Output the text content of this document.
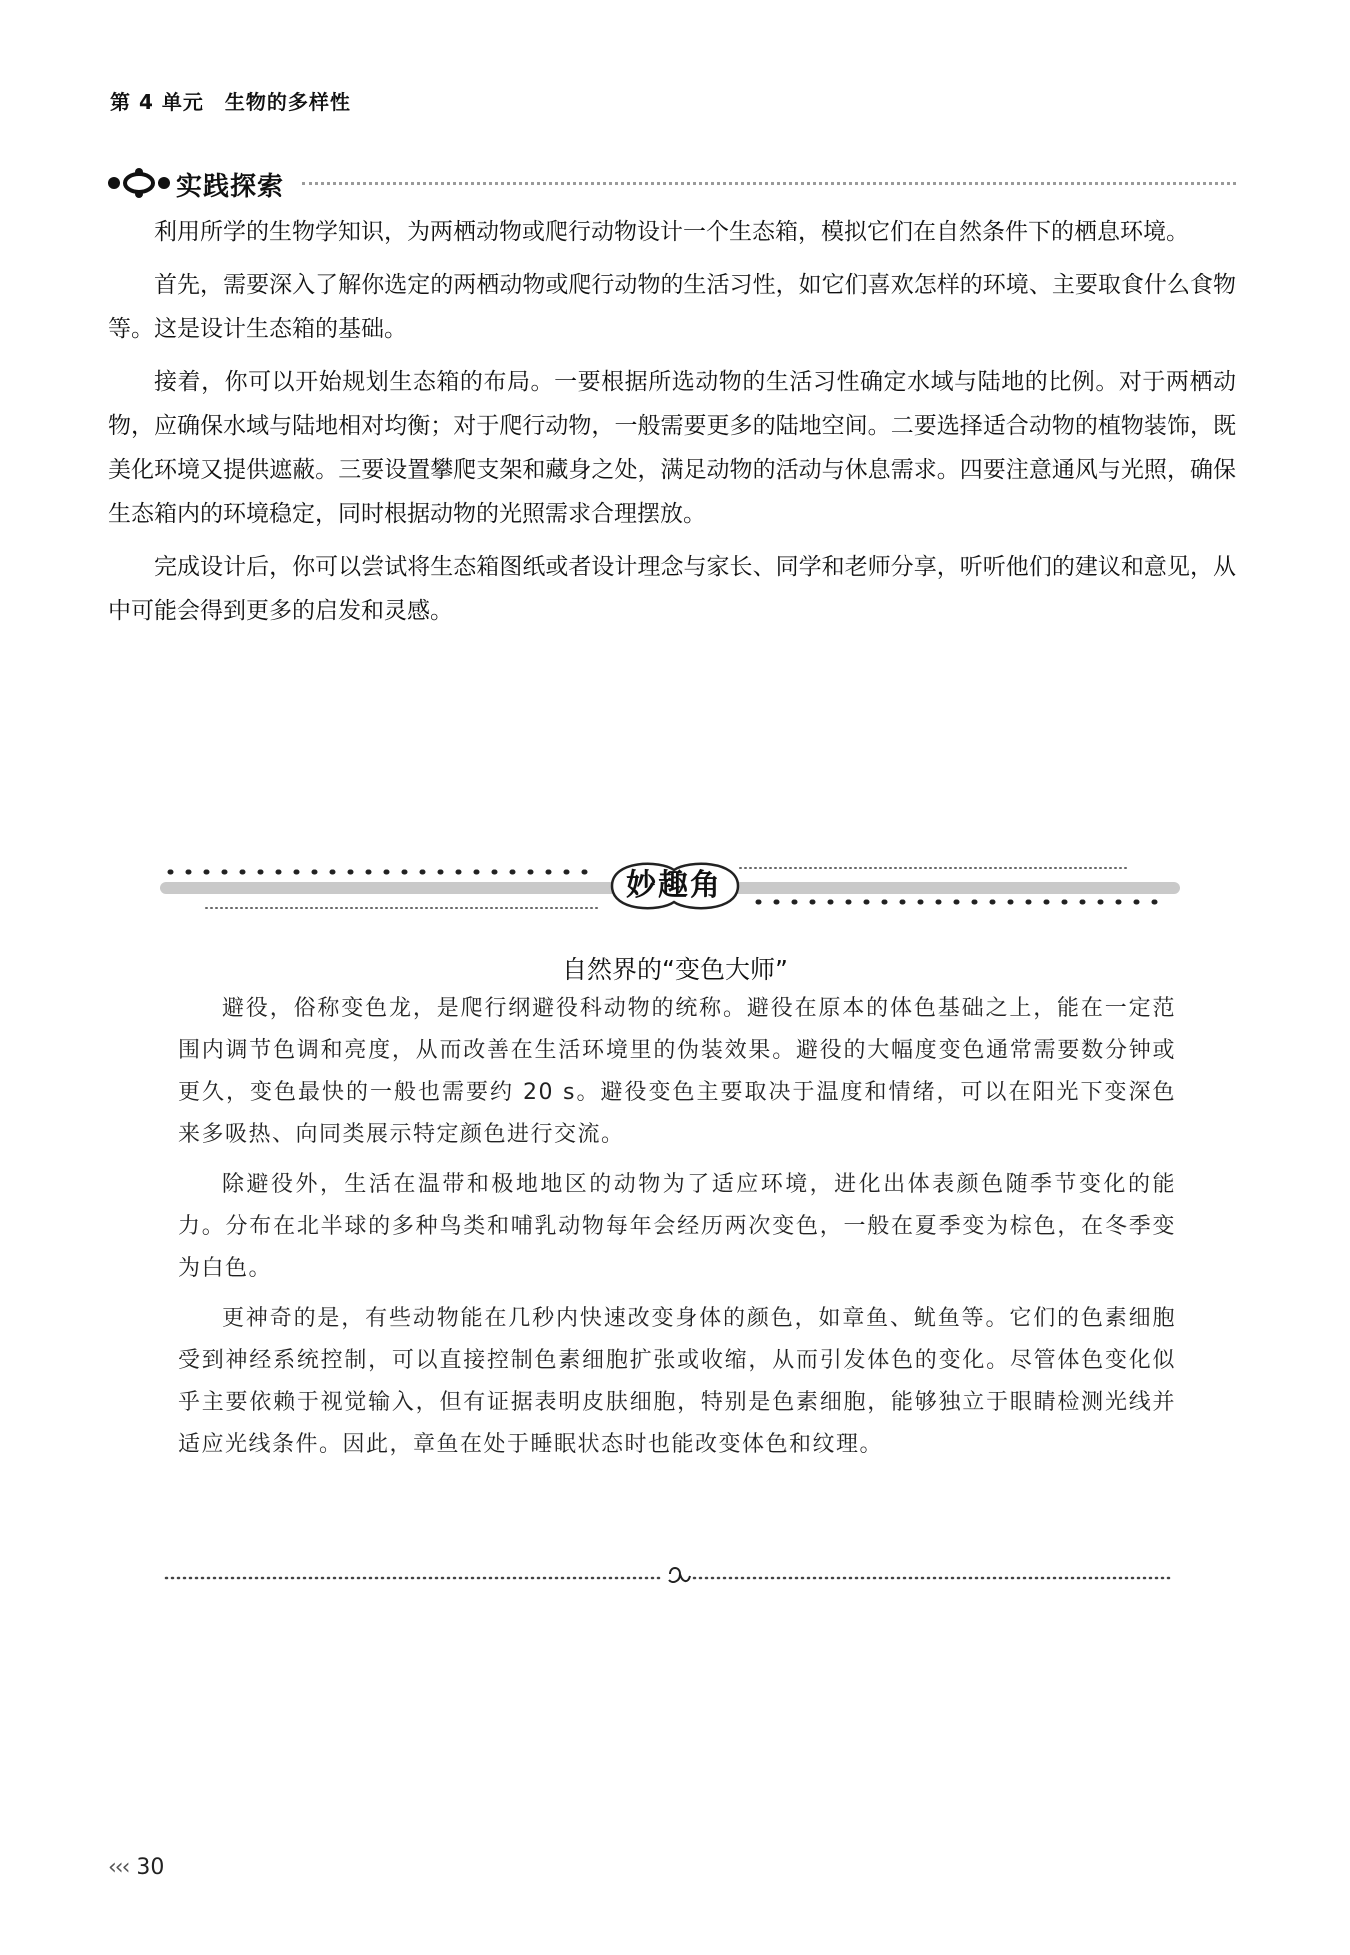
第 4 单元　生物的多样性
实践探索

利用所学的生物学知识，为两栖动物或爬行动物设计一个生态箱，模拟它们在自然条件下的栖息环境。

首先，需要深入了解你选定的两栖动物或爬行动物的生活习性，如它们喜欢怎样的环境、主要取食什么食物等。这是设计生态箱的基础。

接着，你可以开始规划生态箱的布局。一要根据所选动物的生活习性确定水域与陆地的比例。对于两栖动物，应确保水域与陆地相对均衡；对于爬行动物，一般需要更多的陆地空间。二要选择适合动物的植物装饰，既美化环境又提供遮蔽。三要设置攀爬支架和藏身之处，满足动物的活动与休息需求。四要注意通风与光照，确保生态箱内的环境稳定，同时根据动物的光照需求合理摆放。

完成设计后，你可以尝试将生态箱图纸或者设计理念与家长、同学和老师分享，听听他们的建议和意见，从中可能会得到更多的启发和灵感。

妙趣角
自然界的“变色大师”

避役，俗称变色龙，是爬行纲避役科动物的统称。避役在原本的体色基础之上，能在一定范围内调节色调和亮度，从而改善在生活环境里的伪装效果。避役的大幅度变色通常需要数分钟或更久，变色最快的一般也需要约 20 s。避役变色主要取决于温度和情绪，可以在阳光下变深色来多吸热、向同类展示特定颜色进行交流。

除避役外，生活在温带和极地地区的动物为了适应环境，进化出体表颜色随季节变化的能力。分布在北半球的多种鸟类和哺乳动物每年会经历两次变色，一般在夏季变为棕色，在冬季变为白色。

更神奇的是，有些动物能在几秒内快速改变身体的颜色，如章鱼、鱿鱼等。它们的色素细胞受到神经系统控制，可以直接控制色素细胞扩张或收缩，从而引发体色的变化。尽管体色变化似乎主要依赖于视觉输入，但有证据表明皮肤细胞，特别是色素细胞，能够独立于眼睛检测光线并适应光线条件。因此，章鱼在处于睡眠状态时也能改变体色和纹理。

‹‹‹ 30
